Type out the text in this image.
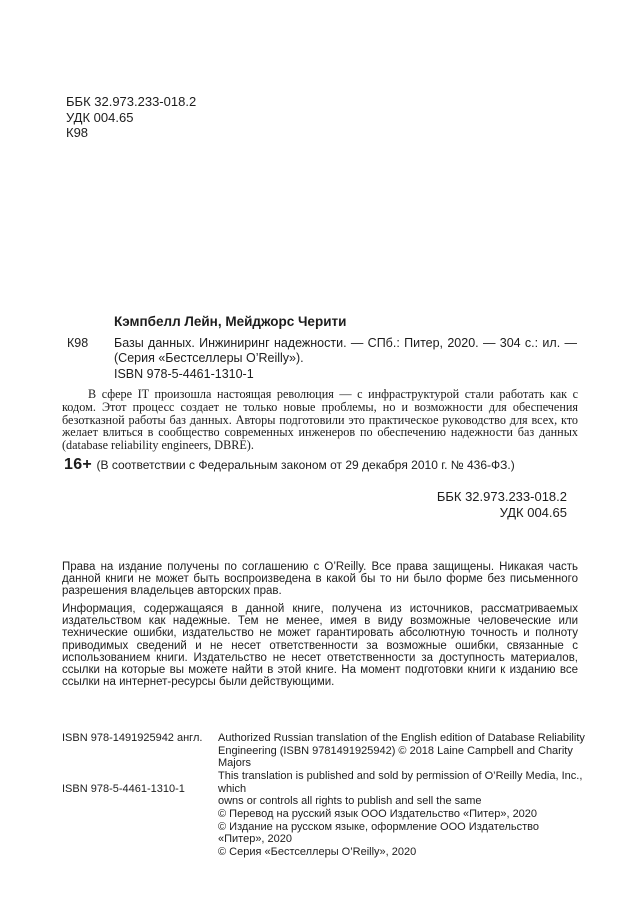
ББК 32.973.233-018.2
УДК 004.65
К98
Кэмпбелл Лейн, Мейджорс Черити
К98 Базы данных. Инжиниринг надежности. — СПб.: Питер, 2020. — 304 с.: ил. — (Серия «Бестселлеры O’Reilly»).
ISBN 978-5-4461-1310-1

В сфере IT произошла настоящая революция — с инфраструктурой стали работать как с кодом. Этот процесс создает не только новые проблемы, но и возможности для обеспечения безотказной работы баз данных. Авторы подготовили это практическое руководство для всех, кто желает влиться в сообщество современных инженеров по обеспечению надежности баз данных (database reliability engineers, DBRE).

16+ (В соответствии с Федеральным законом от 29 декабря 2010 г. № 436-ФЗ.)
ББК 32.973.233-018.2
УДК 004.65

Права на издание получены по соглашению с O’Reilly. Все права защищены. Никакая часть данной книги не может быть воспроизведена в какой бы то ни было форме без письменного разрешения владельцев авторских прав.

Информация, содержащаяся в данной книге, получена из источников, рассматриваемых издательством как надежные. Тем не менее, имея в виду возможные человеческие или технические ошибки, издательство не может гарантировать абсолютную точность и полноту приводимых сведений и не несет ответственности за возможные ошибки, связанные с использованием книги. Издательство не несет ответственности за доступность материалов, ссылки на которые вы можете найти в этой книге. На момент подготовки книги к изданию все ссылки на интернет-ресурсы были действующими.

ISBN 978-1491925942 англ.
ISBN 978-5-4461-1310-1
Authorized Russian translation of the English edition of Database Reliability
Engineering (ISBN 9781491925942) © 2018 Laine Campbell and Charity Majors
This translation is published and sold by permission of O’Reilly Media, Inc., which
owns or controls all rights to publish and sell the same
© Перевод на русский язык ООО Издательство «Питер», 2020
© Издание на русском языке, оформление ООО Издательство «Питер», 2020
© Серия «Бестселлеры O’Reilly», 2020
